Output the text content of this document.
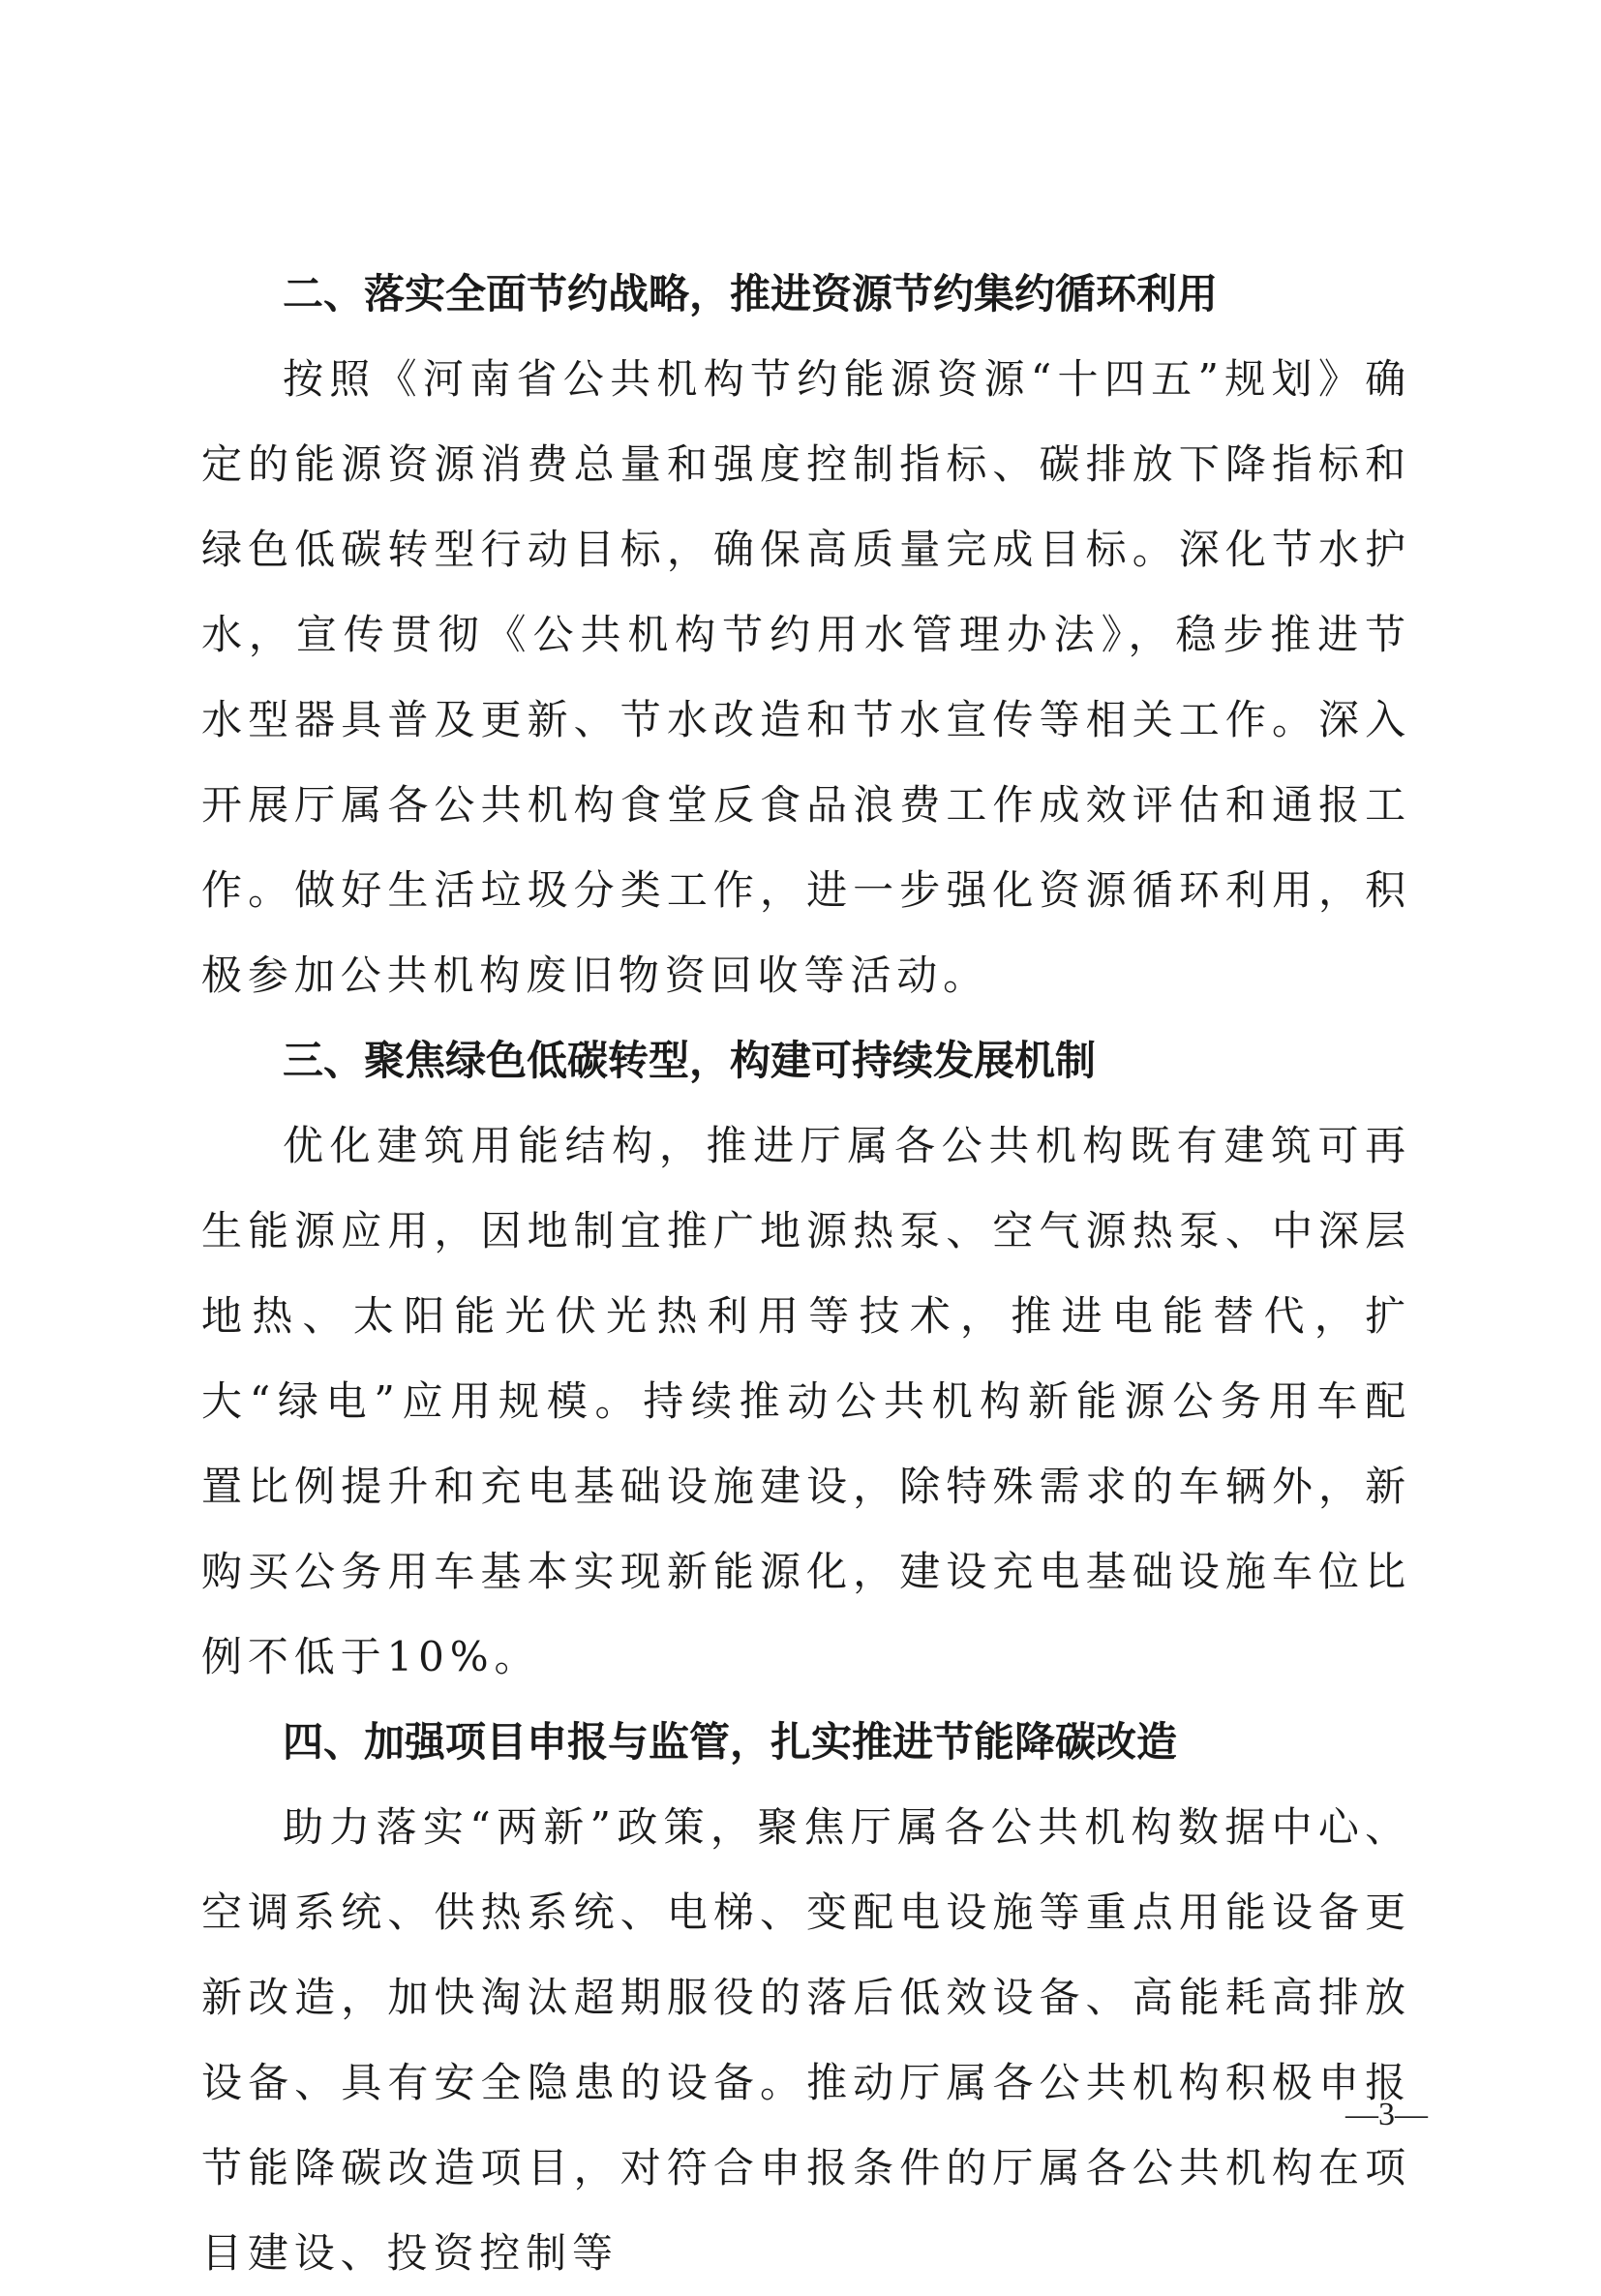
二、落实全面节约战略，推进资源节约集约循环利用

按照《河南省公共机构节约能源资源“十四五”规划》确定的能源资源消费总量和强度控制指标、碳排放下降指标和绿色低碳转型行动目标，确保高质量完成目标。深化节水护水，宣传贯彻《公共机构节约用水管理办法》，稳步推进节水型器具普及更新、节水改造和节水宣传等相关工作。深入开展厅属各公共机构食堂反食品浪费工作成效评估和通报工作。做好生活垃圾分类工作，进一步强化资源循环利用，积极参加公共机构废旧物资回收等活动。

三、聚焦绿色低碳转型，构建可持续发展机制

优化建筑用能结构，推进厅属各公共机构既有建筑可再生能源应用，因地制宜推广地源热泵、空气源热泵、中深层地热、太阳能光伏光热利用等技术，推进电能替代，扩大“绿电”应用规模。持续推动公共机构新能源公务用车配置比例提升和充电基础设施建设，除特殊需求的车辆外，新购买公务用车基本实现新能源化，建设充电基础设施车位比例不低于10%。

四、加强项目申报与监管，扎实推进节能降碳改造

助力落实“两新”政策，聚焦厅属各公共机构数据中心、空调系统、供热系统、电梯、变配电设施等重点用能设备更新改造，加快淘汰超期服役的落后低效设备、高能耗高排放设备、具有安全隐患的设备。推动厅属各公共机构积极申报节能降碳改造项目，对符合申报条件的厅属各公共机构在项目建设、投资控制等

—3—
